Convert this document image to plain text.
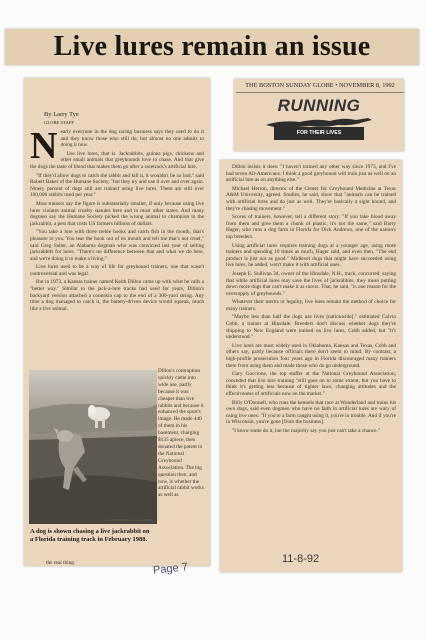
Live lures remain an issue
By Larry Tye
GLOBE STAFF
N early everyone in the dog racing business says they used to do it and they know those who still do, but almost no one admits to doing it now.

Use live lures, that is. Jackrabbits, guinea pigs, chickens and other small animals that greyhounds love to chase. And that give the dogs the taste of blood that makes them go after a racetrack's artificial lure.

"If they'd allow dogs to catch the rabbit and kill it, it wouldn't be so bad," said Robert Baker of the Humane Society, "but they try and use it over and over again. Ninety percent of dogs still are trained using live lures. There are still over 100,000 rabbits used per year."

Most trainers say the figure is substantially smaller, if only because using live lures violates animal cruelty statutes here and in most other states. And many dogmen say the Humane Society picked the wrong animal to champion in the jackrabbit, a pest that costs US farmers billions of dollars.

"You take a lore with three treble hooks and catch fish in the mouth, that's pleasure to you. You tear the hook out of its mouth and tell me that's not cruel," said Greg Salter, an Alabama dogman who was convicted last year of selling jackrabbits for lures. "There's no difference between that and what we do here, and we're doing it to make a living."

Live lures used to be a way of life for greyhound trainers, one that wasn't controversial and was legal.

But in 1973, a Kansas trainer named Keith Dillon came up with what he calls a "better way." Similar to the jack-a-lure tracks had used for years, Dillon's backyard version attached a coonskin cap to the end of a 300-yard string. Any time a dog managed to catch it, the battery-driven device would squeak, much like a live animal.

Dillon's contraption quickly came into wide use, partly because it was cheaper than live rabbits and because it enhanced the sport's image. He made 440 of them in his basement, charging $135 apiece, then donated the patent to the National Greyhound Association. The big question then, and now, is whether the artificial rabbit works as well as

GLOBE PHOTO / GAIL KNAPP
A dog is shown chasing a live jackrabbit on a Florida training track in February 1988.
the real thing.
THE BOSTON SUNDAY GLOBE • NOVEMBER 8, 1992
RUNNING
FOR THEIR LIVES

Dillon insists it does: "I haven't trained any other way since 1973, and I've had seven All-Americans. I think a good greyhound will train just as well on an artificial lure as on anything else."

Michael Herron, director of the Center for Greyhound Medicine at Texas A&M University, agreed. Studies, he said, show that "animals can be trained with artificial lures and do just as well. They're basically a sight hound, and they're chasing movement."

Scores of trainers, however, tell a different story. "If you take blood away from them and give them a chunk of plastic, it's not the same," said Barry Hager, who runs a dog farm in Florida for Dick Andrews, one of the nation's top breeders.

Using artificial lures requires training dogs at a younger age, using more trainers and spending 10 times as much, Hager said, and even then, "The end product is just not as good." Midlevel dogs that might have succeeded using live lures, he added, won't make it with artificial ones.

Joseph E. Sullivan 3d, owner of the Hinsdale, N.H., track, concurred, saying that while artificial lures may save the lives of jackrabbits, they mean putting down more dogs that can't make it as racers. That, he said, "is one reason for the oversupply of greyhounds."

Whatever their merits or legality, live lures remain the method of choice for many trainers.

"Maybe less than half the dogs use lives [nationwide]," estimated Calvin Cobb, a trainer at Hinsdale. Breeders don't discuss whether dogs they're shipping to New England were trained on live lures, Cobb added, but "it's understood."

Live lures are most widely used in Oklahoma, Kansas and Texas, Cobb and others say, partly because officials there don't seem to mind. By contrast, a high-profile prosecution four years ago in Florida discouraged many trainers there from using them and made those who do go underground.

Gary Guccione, the top staffer at the National Greyhound Association, conceded that live lure training "still goes on to some extent, but you have to think it's getting less because of tighter laws, changing attitudes and the effectiveness of artificials now on the market."

Billy O'Donnell, who runs the kennels that race at Wonderland and trains his own dogs, said even dogmen who have no faith in artificial lures are wary of using live ones: "If you're a farm caught using it, you're in trouble. And if you're in Wisconsin, you're gone [from the business].

"I know some do it, but the majority say you just can't take a chance."

Page 7
11-8-92
